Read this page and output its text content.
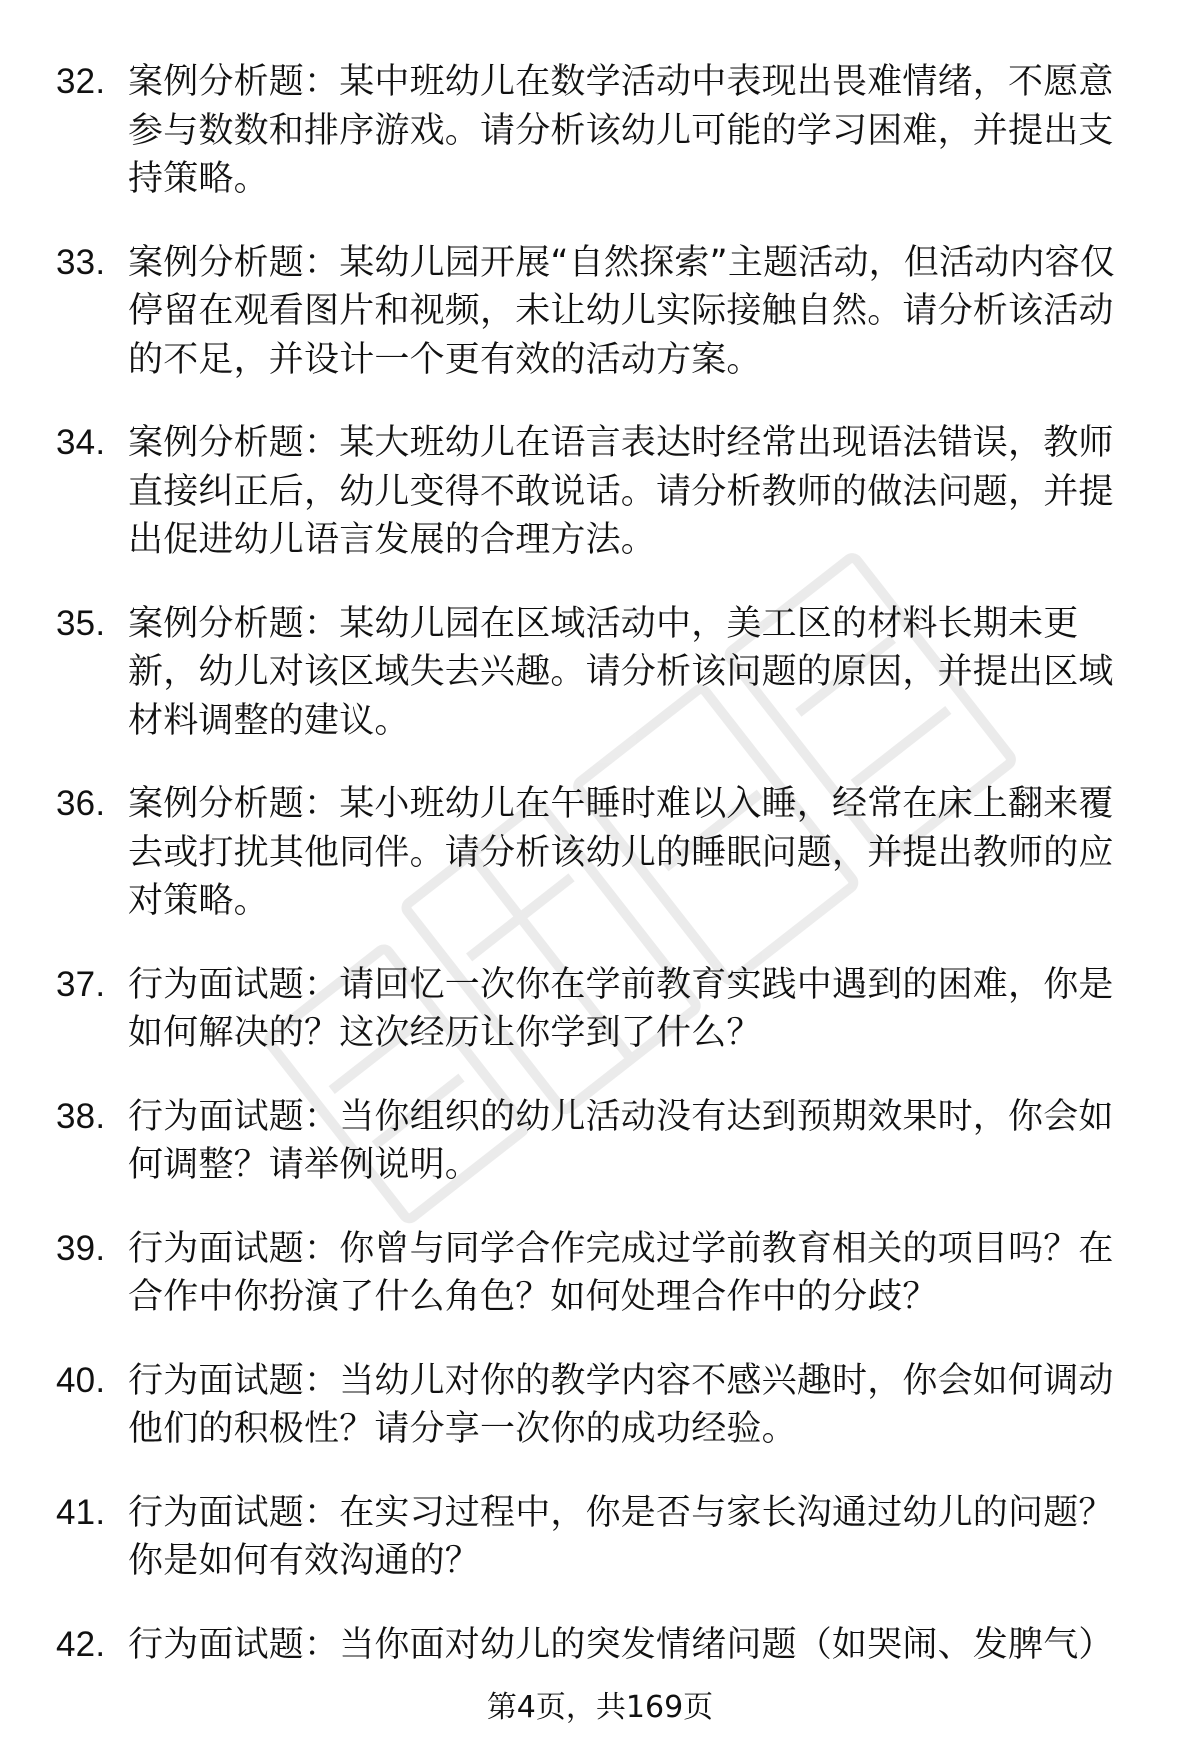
32. 案例分析题：某中班幼儿在数学活动中表现出畏难情绪，不愿意参与数数和排序游戏。请分析该幼儿可能的学习困难，并提出支持策略。
33. 案例分析题：某幼儿园开展“自然探索”主题活动，但活动内容仅停留在观看图片和视频，未让幼儿实际接触自然。请分析该活动的不足，并设计一个更有效的活动方案。
34. 案例分析题：某大班幼儿在语言表达时经常出现语法错误，教师直接纠正后，幼儿变得不敢说话。请分析教师的做法问题，并提出促进幼儿语言发展的合理方法。
35. 案例分析题：某幼儿园在区域活动中，美工区的材料长期未更新，幼儿对该区域失去兴趣。请分析该问题的原因，并提出区域材料调整的建议。
36. 案例分析题：某小班幼儿在午睡时难以入睡，经常在床上翻来覆去或打扰其他同伴。请分析该幼儿的睡眠问题，并提出教师的应对策略。
37. 行为面试题：请回忆一次你在学前教育实践中遇到的困难，你是如何解决的？这次经历让你学到了什么？
38. 行为面试题：当你组织的幼儿活动没有达到预期效果时，你会如何调整？请举例说明。
39. 行为面试题：你曾与同学合作完成过学前教育相关的项目吗？在合作中你扮演了什么角色？如何处理合作中的分歧？
40. 行为面试题：当幼儿对你的教学内容不感兴趣时，你会如何调动他们的积极性？请分享一次你的成功经验。
41. 行为面试题：在实习过程中，你是否与家长沟通过幼儿的问题？你是如何有效沟通的？
42. 行为面试题：当你面对幼儿的突发情绪问题（如哭闹、发脾气）
第4页，共169页
